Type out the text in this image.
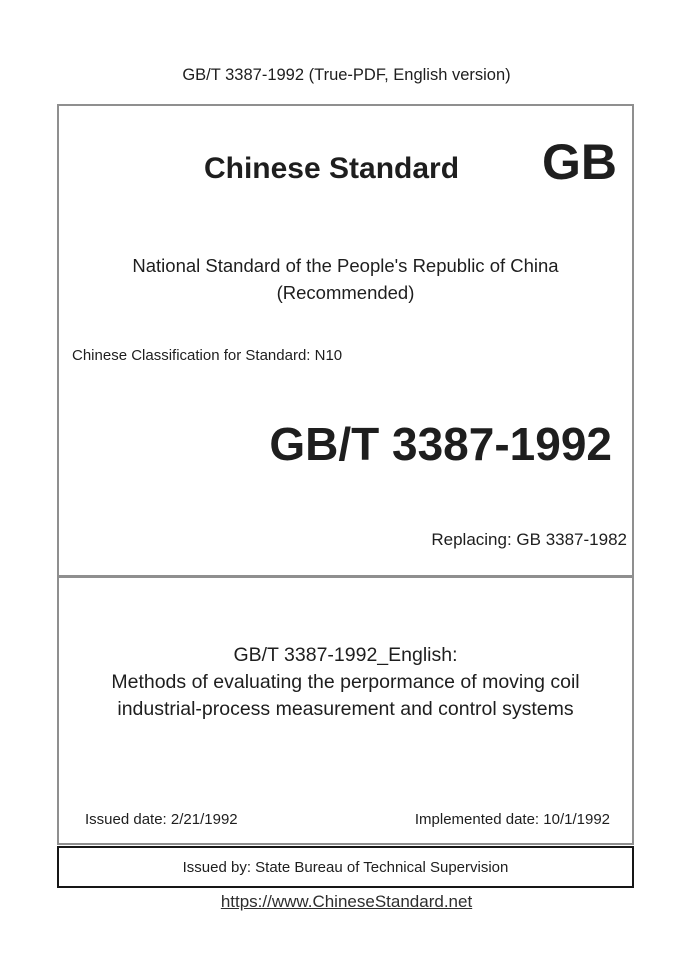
GB/T 3387-1992 (True-PDF, English version)
Chinese Standard	GB
National Standard of the People's Republic of China
(Recommended)
Chinese Classification for Standard: N10
GB/T 3387-1992
Replacing: GB 3387-1982
GB/T 3387-1992_English:
Methods of evaluating the perpormance of moving coil
industrial-process measurement and control systems
Issued date: 2/21/1992	Implemented date: 10/1/1992
Issued by: State Bureau of Technical Supervision
https://www.ChineseStandard.net
